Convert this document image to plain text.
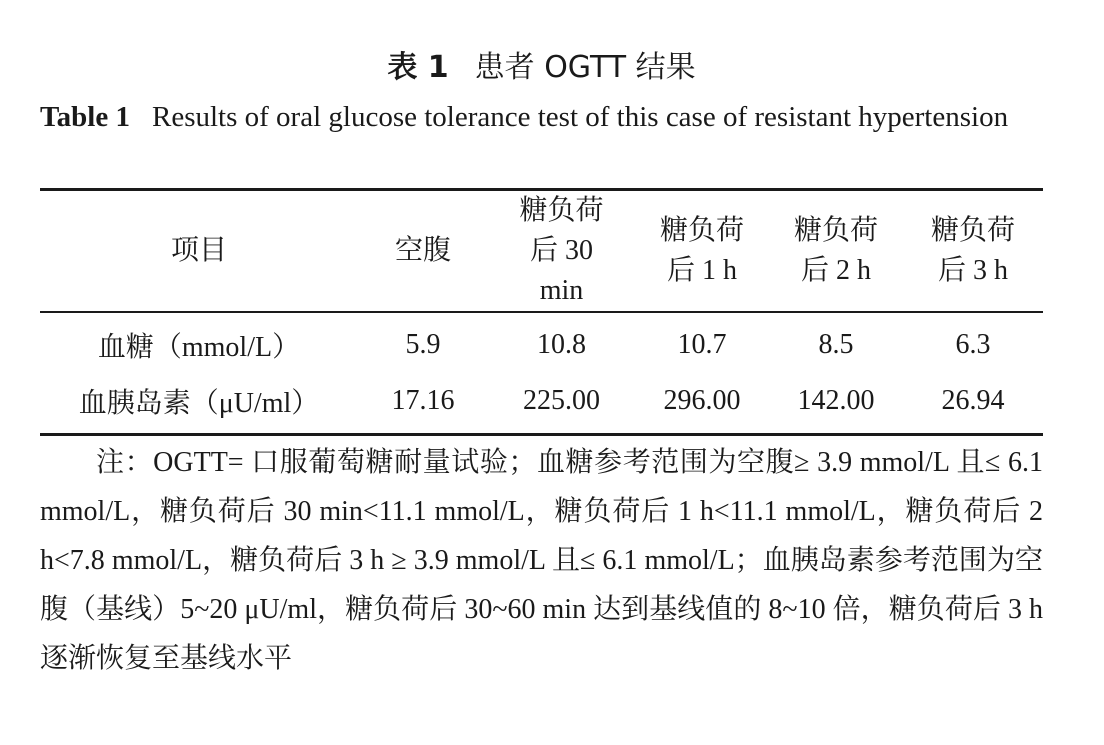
表 1 患者 OGTT 结果
Table 1 Results of oral glucose tolerance test of this case of resistant hypertension
项目	空腹	糖负荷后 30 min	糖负荷后 1 h	糖负荷后 2 h	糖负荷后 3 h
血糖（mmol/L）	5.9	10.8	10.7	8.5	6.3
血胰岛素（μU/ml）	17.16	225.00	296.00	142.00	26.94

注：OGTT= 口服葡萄糖耐量试验；血糖参考范围为空腹≥ 3.9 mmol/L 且≤ 6.1 mmol/L，糖负荷后 30 min<11.1 mmol/L，糖负荷后 1 h<11.1 mmol/L，糖负荷后 2 h<7.8 mmol/L，糖负荷后 3 h ≥ 3.9 mmol/L 且≤ 6.1 mmol/L；血胰岛素参考范围为空腹（基线）5~20 μU/ml，糖负荷后 30~60 min 达到基线值的 8~10 倍，糖负荷后 3 h 逐渐恢复至基线水平
